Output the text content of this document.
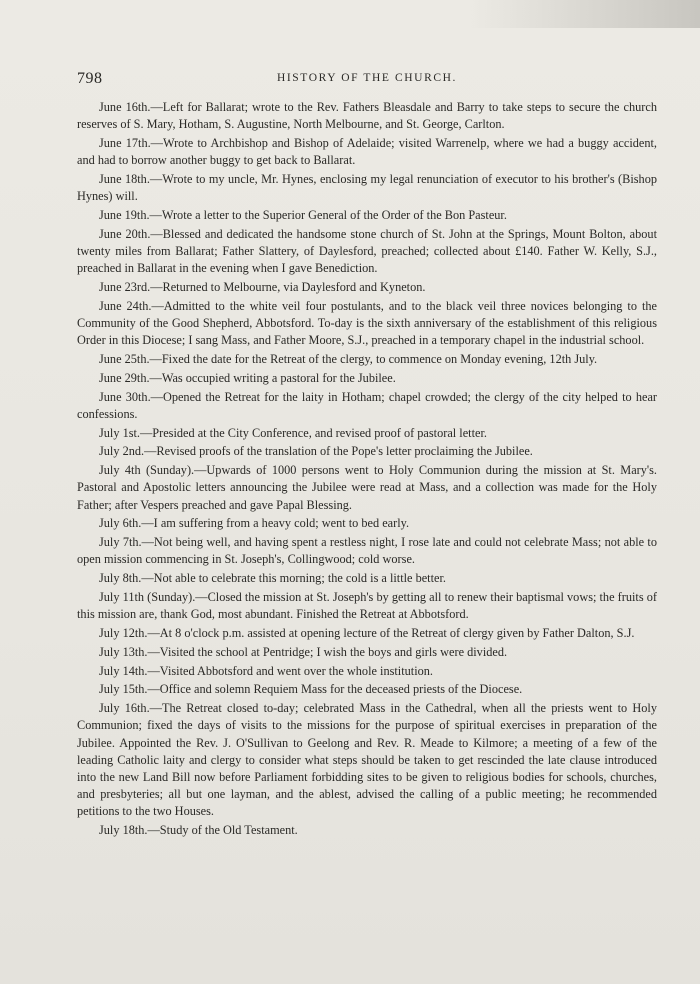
798	HISTORY OF THE CHURCH.

June 16th.—Left for Ballarat; wrote to the Rev. Fathers Bleasdale and Barry to take steps to secure the church reserves of S. Mary, Hotham, S. Augustine, North Melbourne, and St. George, Carlton.

June 17th.—Wrote to Archbishop and Bishop of Adelaide; visited Warrenelp, where we had a buggy accident, and had to borrow another buggy to get back to Ballarat.

June 18th.—Wrote to my uncle, Mr. Hynes, enclosing my legal renunciation of executor to his brother's (Bishop Hynes) will.

June 19th.—Wrote a letter to the Superior General of the Order of the Bon Pasteur.

June 20th.—Blessed and dedicated the handsome stone church of St. John at the Springs, Mount Bolton, about twenty miles from Ballarat; Father Slattery, of Daylesford, preached; collected about £140. Father W. Kelly, S.J., preached in Ballarat in the evening when I gave Benediction.

June 23rd.—Returned to Melbourne, via Daylesford and Kyneton.

June 24th.—Admitted to the white veil four postulants, and to the black veil three novices belonging to the Community of the Good Shepherd, Abbotsford. To-day is the sixth anniversary of the establishment of this religious Order in this Diocese; I sang Mass, and Father Moore, S.J., preached in a temporary chapel in the industrial school.

June 25th.—Fixed the date for the Retreat of the clergy, to commence on Monday evening, 12th July.

June 29th.—Was occupied writing a pastoral for the Jubilee.

June 30th.—Opened the Retreat for the laity in Hotham; chapel crowded; the clergy of the city helped to hear confessions.

July 1st.—Presided at the City Conference, and revised proof of pastoral letter.

July 2nd.—Revised proofs of the translation of the Pope's letter proclaiming the Jubilee.

July 4th (Sunday).—Upwards of 1000 persons went to Holy Communion during the mission at St. Mary's. Pastoral and Apostolic letters announcing the Jubilee were read at Mass, and a collection was made for the Holy Father; after Vespers preached and gave Papal Blessing.

July 6th.—I am suffering from a heavy cold; went to bed early.

July 7th.—Not being well, and having spent a restless night, I rose late and could not celebrate Mass; not able to open mission commencing in St. Joseph's, Collingwood; cold worse.

July 8th.—Not able to celebrate this morning; the cold is a little better.

July 11th (Sunday).—Closed the mission at St. Joseph's by getting all to renew their baptismal vows; the fruits of this mission are, thank God, most abundant. Finished the Retreat at Abbotsford.

July 12th.—At 8 o'clock p.m. assisted at opening lecture of the Retreat of clergy given by Father Dalton, S.J.

July 13th.—Visited the school at Pentridge; I wish the boys and girls were divided.

July 14th.—Visited Abbotsford and went over the whole institution.

July 15th.—Office and solemn Requiem Mass for the deceased priests of the Diocese.

July 16th.—The Retreat closed to-day; celebrated Mass in the Cathedral, when all the priests went to Holy Communion; fixed the days of visits to the missions for the purpose of spiritual exercises in preparation of the Jubilee. Appointed the Rev. J. O'Sullivan to Geelong and Rev. R. Meade to Kilmore; a meeting of a few of the leading Catholic laity and clergy to consider what steps should be taken to get rescinded the late clause introduced into the new Land Bill now before Parliament forbidding sites to be given to religious bodies for schools, churches, and presbyteries; all but one layman, and the ablest, advised the calling of a public meeting; he recommended petitions to the two Houses.

July 18th.—Study of the Old Testament.
